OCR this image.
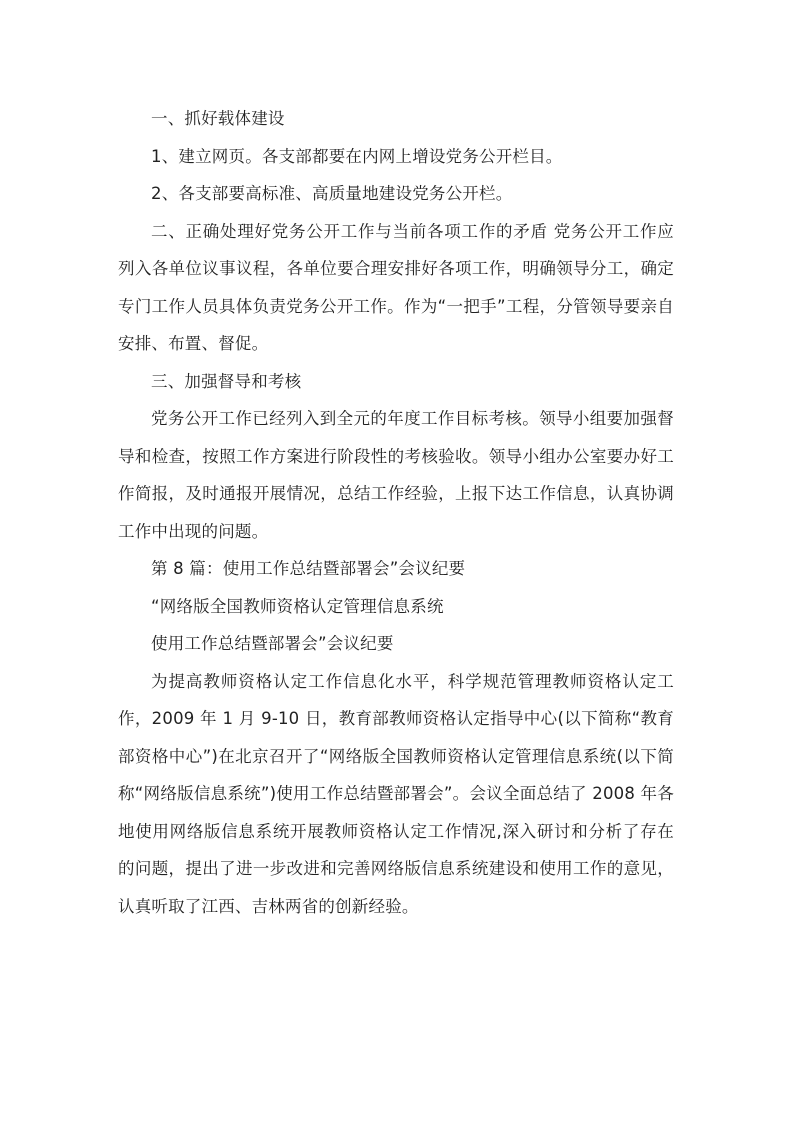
一、抓好载体建设

1、建立网页。各支部都要在内网上增设党务公开栏目。

2、各支部要高标准、高质量地建设党务公开栏。

二、正确处理好党务公开工作与当前各项工作的矛盾 党务公开工作应列入各单位议事议程，各单位要合理安排好各项工作，明确领导分工，确定专门工作人员具体负责党务公开工作。作为“一把手”工程，分管领导要亲自安排、布置、督促。

三、加强督导和考核

党务公开工作已经列入到全元的年度工作目标考核。领导小组要加强督导和检查，按照工作方案进行阶段性的考核验收。领导小组办公室要办好工作简报，及时通报开展情况，总结工作经验，上报下达工作信息，认真协调工作中出现的问题。

第 8 篇：使用工作总结暨部署会”会议纪要

“网络版全国教师资格认定管理信息系统

使用工作总结暨部署会”会议纪要

为提高教师资格认定工作信息化水平，科学规范管理教师资格认定工作，2009 年 1 月 9-10 日，教育部教师资格认定指导中心(以下简称“教育部资格中心”)在北京召开了“网络版全国教师资格认定管理信息系统(以下简称“网络版信息系统”)使用工作总结暨部署会”。会议全面总结了 2008 年各地使用网络版信息系统开展教师资格认定工作情况,深入研讨和分析了存在的问题，提出了进一步改进和完善网络版信息系统建设和使用工作的意见，认真听取了江西、吉林两省的创新经验。
